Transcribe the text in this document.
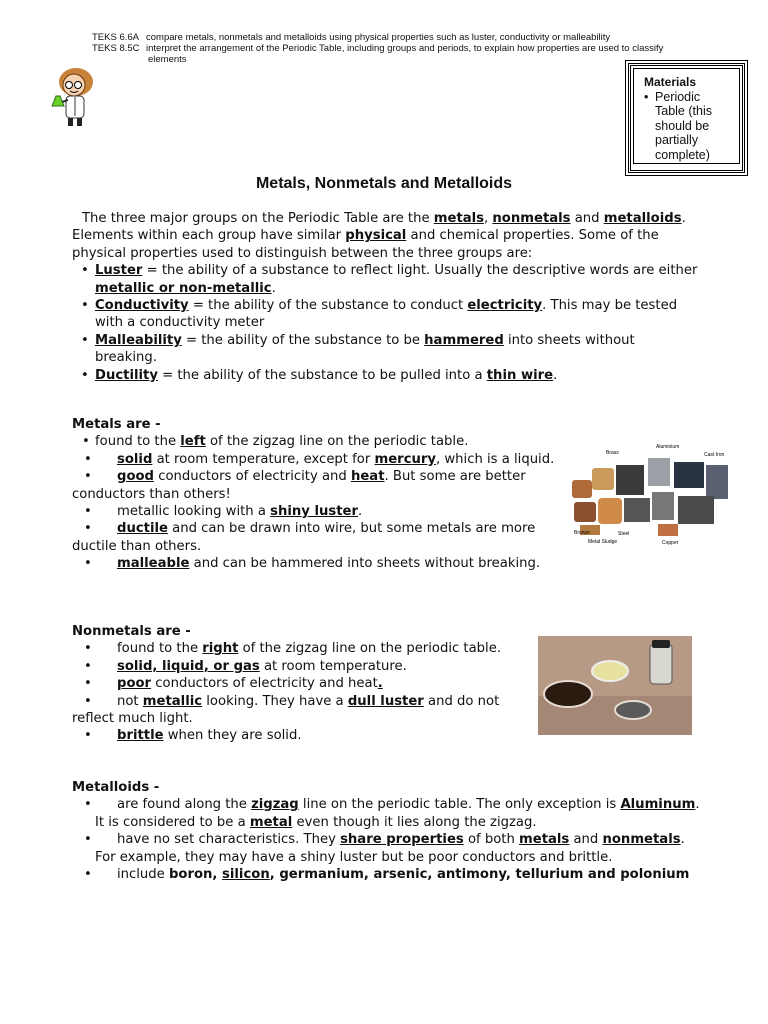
TEKS 6.6A compare metals, nonmetals and metalloids using physical properties such as luster, conductivity or malleability
TEKS 8.5C interpret the arrangement of the Periodic Table, including groups and periods, to explain how properties are used to classify
elements
Materials
• Periodic Table (this should be partially complete)
Metals, Nonmetals and Metalloids
The three major groups on the Periodic Table are the metals, nonmetals and metalloids. Elements within each group have similar physical and chemical properties. Some of the physical properties used to distinguish between the three groups are:
• Luster = the ability of a substance to reflect light. Usually the descriptive words are either metallic or non-metallic.
• Conductivity = the ability of the substance to conduct electricity. This may be tested with a conductivity meter
• Malleability = the ability of the substance to be hammered into sheets without breaking.
• Ductility = the ability of the substance to be pulled into a thin wire.
Metals are -
• found to the left of the zigzag line on the periodic table.
• solid at room temperature, except for mercury, which is a liquid.
• good conductors of electricity and heat. But some are better conductors than others!
• metallic looking with a shiny luster.
• ductile and can be drawn into wire, but some metals are more ductile than others.
• malleable and can be hammered into sheets without breaking.
Brass
Aluminium
Cast Iron
Bronze	Steel
Metal Sludge	Copper
Nonmetals are -
• found to the right of the zigzag line on the periodic table.
• solid, liquid, or gas at room temperature.
• poor conductors of electricity and heat.
• not metallic looking. They have a dull luster and do not reflect much light.
• brittle when they are solid.
Metalloids -
• are found along the zigzag line on the periodic table. The only exception is Aluminum. It is considered to be a metal even though it lies along the zigzag.
• have no set characteristics. They share properties of both metals and nonmetals. For example, they may have a shiny luster but be poor conductors and brittle.
• include boron, silicon, germanium, arsenic, antimony, tellurium and polonium
